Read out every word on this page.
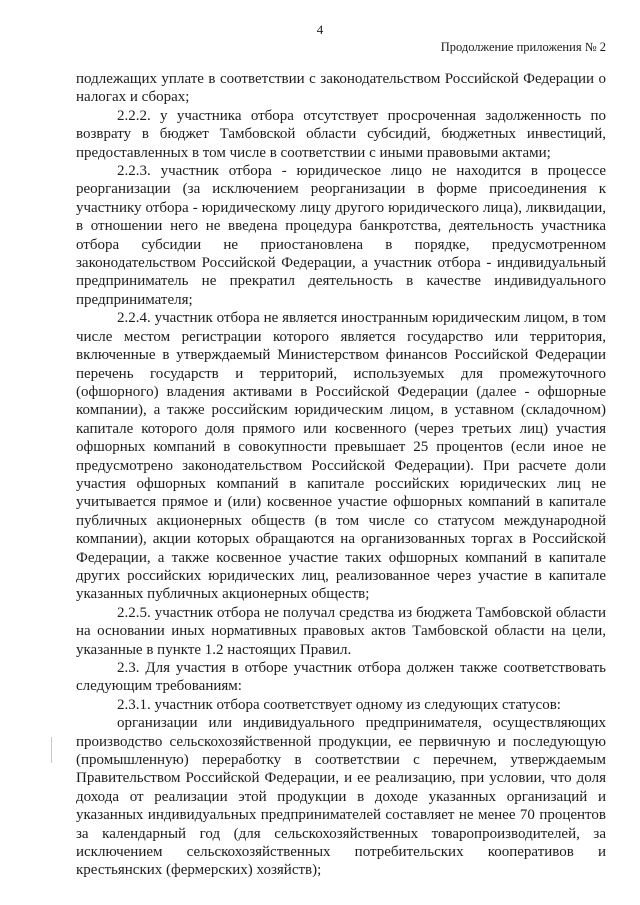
4
Продолжение приложения № 2

подлежащих уплате в соответствии с законодательством Российской Федерации о налогах и сборах;

2.2.2. у участника отбора отсутствует просроченная задолженность по возврату в бюджет Тамбовской области субсидий, бюджетных инвестиций, предоставленных в том числе в соответствии с иными правовыми актами;

2.2.3. участник отбора - юридическое лицо не находится в процессе реорганизации (за исключением реорганизации в форме присоединения к участнику отбора - юридическому лицу другого юридического лица), ликвидации, в отношении него не введена процедура банкротства, деятельность участника отбора субсидии не приостановлена в порядке, предусмотренном законодательством Российской Федерации, а участник отбора - индивидуальный предприниматель не прекратил деятельность в качестве индивидуального предпринимателя;

2.2.4. участник отбора не является иностранным юридическим лицом, в том числе местом регистрации которого является государство или территория, включенные в утверждаемый Министерством финансов Российской Федерации перечень государств и территорий, используемых для промежуточного (офшорного) владения активами в Российской Федерации (далее - офшорные компании), а также российским юридическим лицом, в уставном (складочном) капитале которого доля прямого или косвенного (через третьих лиц) участия офшорных компаний в совокупности превышает 25 процентов (если иное не предусмотрено законодательством Российской Федерации). При расчете доли участия офшорных компаний в капитале российских юридических лиц не учитывается прямое и (или) косвенное участие офшорных компаний в капитале публичных акционерных обществ (в том числе со статусом международной компании), акции которых обращаются на организованных торгах в Российской Федерации, а также косвенное участие таких офшорных компаний в капитале других российских юридических лиц, реализованное через участие в капитале указанных публичных акционерных обществ;

2.2.5. участник отбора не получал средства из бюджета Тамбовской области на основании иных нормативных правовых актов Тамбовской области на цели, указанные в пункте 1.2 настоящих Правил.

2.3. Для участия в отборе участник отбора должен также соответствовать следующим требованиям:

2.3.1. участник отбора соответствует одному из следующих статусов:

организации или индивидуального предпринимателя, осуществляющих производство сельскохозяйственной продукции, ее первичную и последующую (промышленную) переработку в соответствии с перечнем, утверждаемым Правительством Российской Федерации, и ее реализацию, при условии, что доля дохода от реализации этой продукции в доходе указанных организаций и указанных индивидуальных предпринимателей составляет не менее 70 процентов за календарный год (для сельскохозяйственных товаропроизводителей, за исключением сельскохозяйственных потребительских кооперативов и крестьянских (фермерских) хозяйств);
